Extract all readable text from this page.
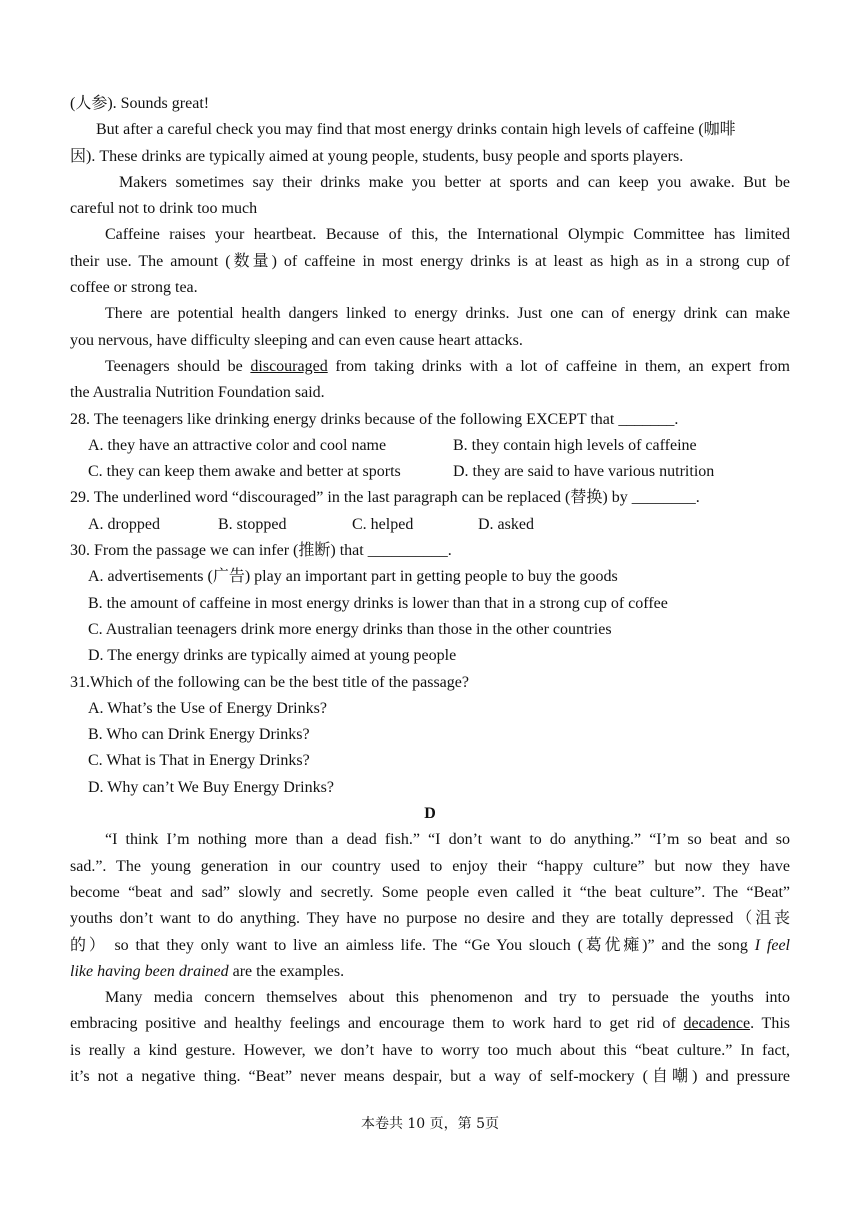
(人参). Sounds great!
But after a careful check you may find that most energy drinks contain high levels of caffeine (咖啡
因). These drinks are typically aimed at young people, students, busy people and sports players.
Makers sometimes say their drinks make you better at sports and can keep you awake. But be
careful not to drink too much
Caffeine raises your heartbeat. Because of this, the International Olympic Committee has limited
their use. The amount (数量) of caffeine in most energy drinks is at least as high as in a strong cup of
coffee or strong tea.
There are potential health dangers linked to energy drinks. Just one can of energy drink can make
you nervous, have difficulty sleeping and can even cause heart attacks.
Teenagers should be discouraged from taking drinks with a lot of caffeine in them, an expert from
the Australia Nutrition Foundation said.
28. The teenagers like drinking energy drinks because of the following EXCEPT that _______.
A. they have an attractive color and cool name	B. they contain high levels of caffeine
C. they can keep them awake and better at sports	D. they are said to have various nutrition
29. The underlined word “discouraged” in the last paragraph can be replaced (替换) by ________.
A. dropped	B. stopped	C. helped	D. asked
30. From the passage we can infer (推断) that __________.
A. advertisements (广告) play an important part in getting people to buy the goods
B. the amount of caffeine in most energy drinks is lower than that in a strong cup of coffee
C. Australian teenagers drink more energy drinks than those in the other countries
D. The energy drinks are typically aimed at young people
31.Which of the following can be the best title of the passage?
A. What’s the Use of Energy Drinks?
B. Who can Drink Energy Drinks?
C. What is That in Energy Drinks?
D. Why can’t We Buy Energy Drinks?
D
“I think I’m nothing more than a dead fish.” “I don’t want to do anything.” “I’m so beat and so
sad.”. The young generation in our country used to enjoy their “happy culture” but now they have
become “beat and sad” slowly and secretly. Some people even called it “the beat culture”. The “Beat”
youths don’t want to do anything. They have no purpose no desire and they are totally depressed（沮丧
的） so that they only want to live an aimless life. The “Ge You slouch (葛优瘫)” and the song I feel
like having been drained are the examples.
Many media concern themselves about this phenomenon and try to persuade the youths into
embracing positive and healthy feelings and encourage them to work hard to get rid of decadence. This
is really a kind gesture. However, we don’t have to worry too much about this “beat culture.” In fact,
it’s not a negative thing. “Beat” never means despair, but a way of self-mockery (自嘲) and pressure
本卷共 10 页，第 5页
